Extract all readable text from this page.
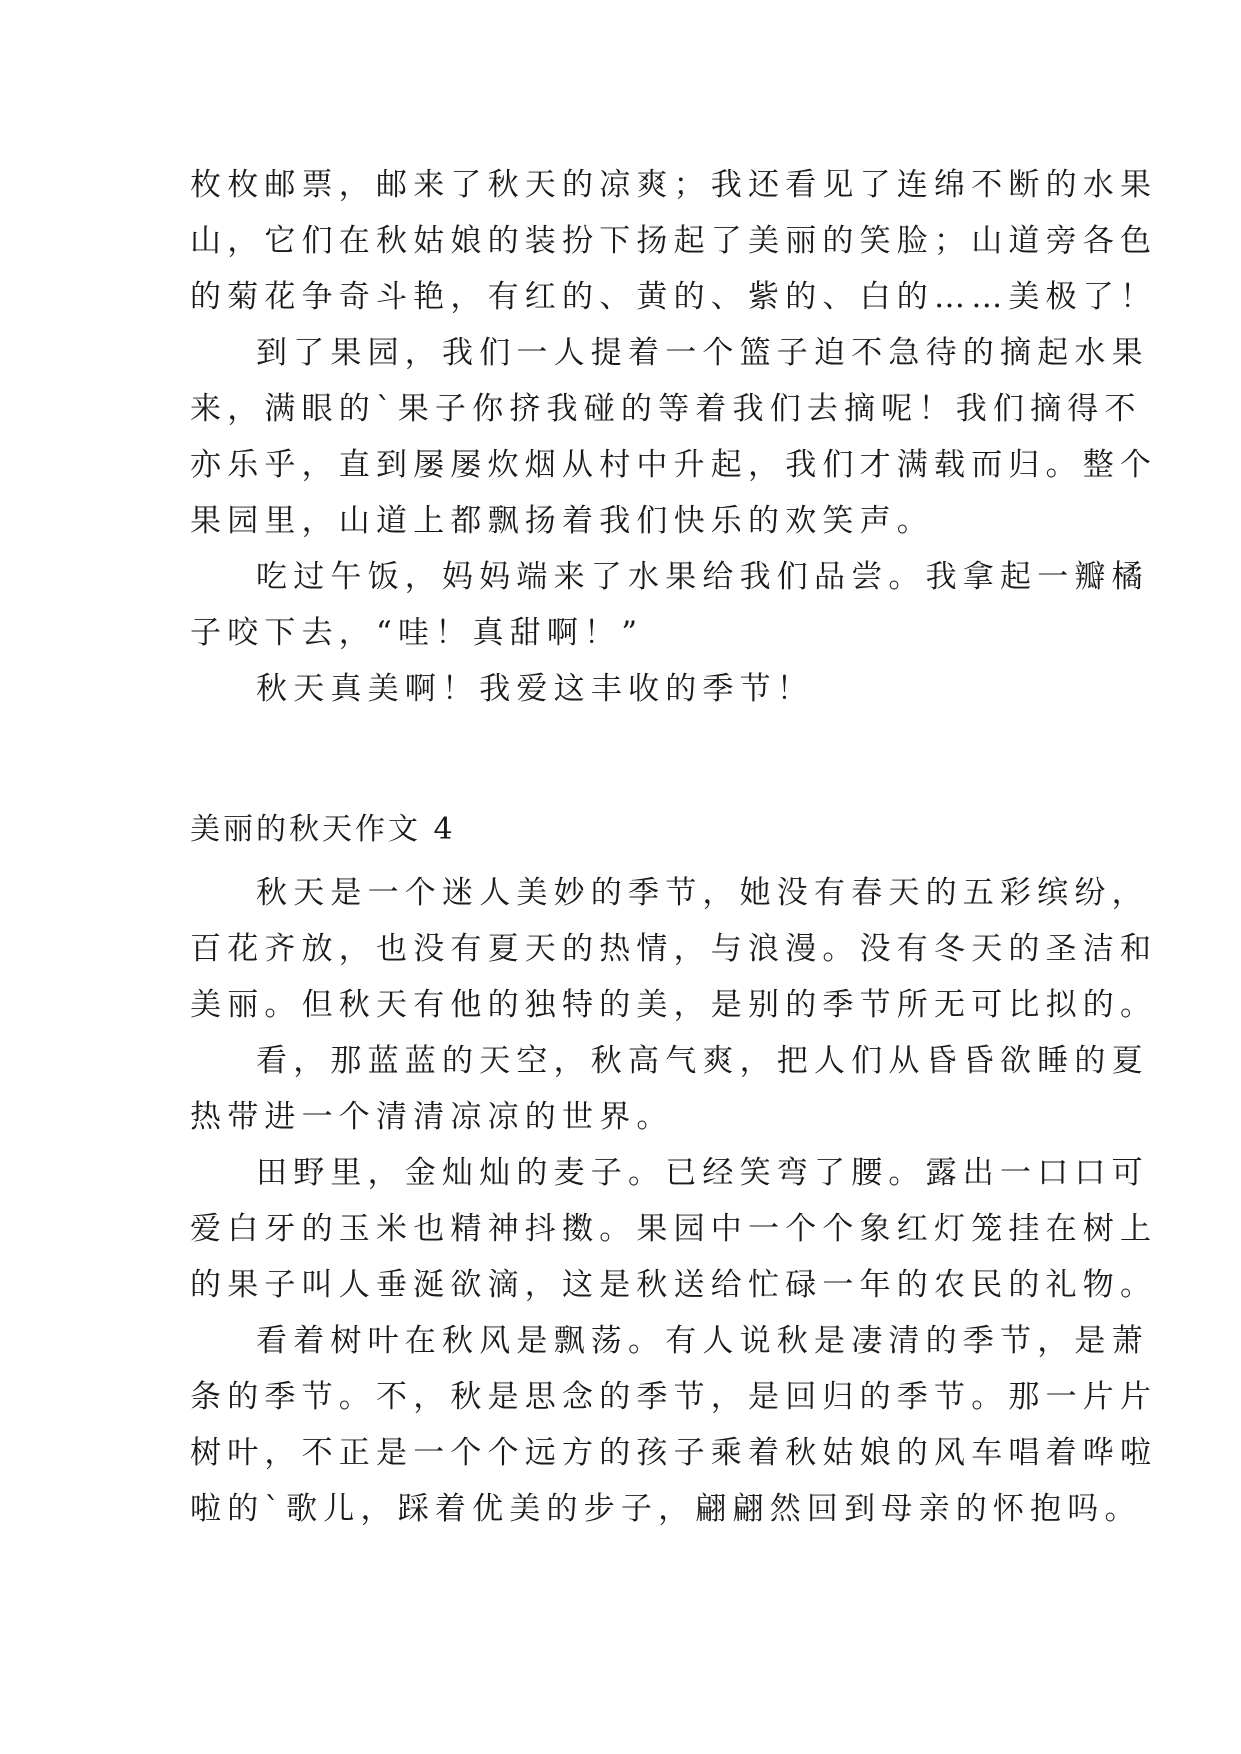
枚枚邮票，邮来了秋天的凉爽；我还看见了连绵不断的水果
山，它们在秋姑娘的装扮下扬起了美丽的笑脸；山道旁各色
的菊花争奇斗艳，有红的、黄的、紫的、白的……美极了！
到了果园，我们一人提着一个篮子迫不急待的摘起水果
来，满眼的`果子你挤我碰的等着我们去摘呢！我们摘得不
亦乐乎，直到屡屡炊烟从村中升起，我们才满载而归。整个
果园里，山道上都飘扬着我们快乐的欢笑声。
吃过午饭，妈妈端来了水果给我们品尝。我拿起一瓣橘
子咬下去，“哇！真甜啊！”
秋天真美啊！我爱这丰收的季节！
美丽的秋天作文 4
秋天是一个迷人美妙的季节，她没有春天的五彩缤纷，
百花齐放，也没有夏天的热情，与浪漫。没有冬天的圣洁和
美丽。但秋天有他的独特的美，是别的季节所无可比拟的。
看，那蓝蓝的天空，秋高气爽，把人们从昏昏欲睡的夏
热带进一个清清凉凉的世界。
田野里，金灿灿的麦子。已经笑弯了腰。露出一口口可
爱白牙的玉米也精神抖擞。果园中一个个象红灯笼挂在树上
的果子叫人垂涎欲滴，这是秋送给忙碌一年的农民的礼物。
看着树叶在秋风是飘荡。有人说秋是凄清的季节，是萧
条的季节。不，秋是思念的季节，是回归的季节。那一片片
树叶，不正是一个个远方的孩子乘着秋姑娘的风车唱着哗啦
啦的`歌儿，踩着优美的步子，翩翩然回到母亲的怀抱吗。
